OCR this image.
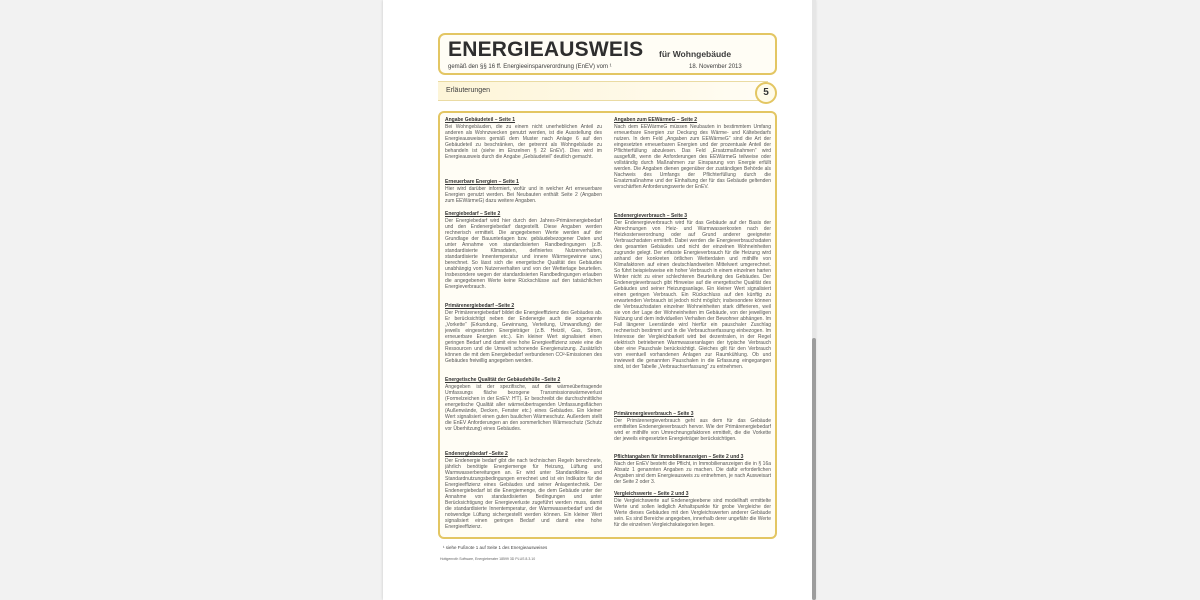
ENERGIEAUSWEIS für Wohngebäude
gemäß den §§ 16 ff. Energieeinsparverordnung (EnEV) vom ¹	18. November 2013
Erläuterungen	5
Angabe Gebäudeteil – Seite 1
Bei Wohngebäuden, die zu einem nicht unerheblichen Anteil zu anderen als Wohnzwecken genutzt werden, ist die Ausstellung des Energieausweises gemäß dem Muster nach Anlage 6 auf den Gebäudeteil zu beschränken, der getrennt als Wohngebäude zu behandeln ist (siehe im Einzelnen § 22 EnEV). Dies wird im Energieausweis durch die Angabe „Gebäudeteil“ deutlich gemacht.
Erneuerbare Energien – Seite 1
Hier wird darüber informiert, wofür und in welcher Art erneuerbare Energien genutzt werden. Bei Neubauten enthält Seite 2 (Angaben zum EEWärmeG) dazu weitere Angaben.
Energiebedarf – Seite 2
Der Energiebedarf wird hier durch den Jahres-Primärenergiebedarf und den Endenergiebedarf dargestellt. Diese Angaben werden rechnerisch ermittelt. Die angegebenen Werte werden auf der Grundlage der Bauunterlagen bzw. gebäudebezogener Daten und unter Annahme von standardisierten Randbedingungen (z.B. standardisierte Klimadaten, definiertes Nutzerverhalten, standardisierte Innentemperatur und innere Wärmegewinne usw.) berechnet. So lässt sich die energetische Qualität des Gebäudes unabhängig vom Nutzerverhalten und von der Wetterlage beurteilen. Insbesondere wegen der standardisierten Randbedingungen erlauben die angegebenen Werte keine Rückschlüsse auf den tatsächlichen Energieverbrauch.
Primärenergiebedarf –Seite 2
Der Primärenergiebedarf bildet die Energieeffizienz des Gebäudes ab. Er berücksichtigt neben der Endenergie auch die sogenannte „Vorkette“ (Erkundung, Gewinnung, Verteilung, Umwandlung) der jeweils eingesetzten Energieträger (z.B. Heizöl, Gas, Strom, erneuerbare Energien etc.). Ein kleiner Wert signalisiert einen geringen Bedarf und damit eine hohe Energieeffizienz sowie eine die Ressourcen und die Umwelt schonende Energienutzung. Zusätzlich können die mit dem Energiebedarf verbundenen CO²-Emissionen des Gebäudes freiwillig angegeben werden.
Energetische Qualität der Gebäudehülle –Seite 2
Angegeben ist der spezifische, auf die wärmeübertragende Umfassungs fläche bezogene Transmissionswärmeverlust (Formelzeichen in der EnEV: H'T). Er beschreibt die durchschnittliche energetische Qualität aller wärmeübertragenden Umfassungsflächen (Außenwände, Decken, Fenster etc.) eines Gebäudes. Ein kleiner Wert signalisiert einen guten baulichen Wärmeschutz. Außerdem stellt die EnEV Anforderungen an den sommerlichen Wärmeschutz (Schutz vor Überhitzung) eines Gebäudes.
Endenergiebedarf –Seite 2
Der Endenergie bedarf gibt die nach technischen Regeln berechnete, jährlich benötigte Energiemenge für Heizung, Lüftung und Warmwasserbereitungen an. Er wird unter Standardklima- und Standardnutzungsbedingungen errechnet und ist ein Indikator für die Energieeffizienz eines Gebäudes und seiner Anlagentechnik. Der Endenergiebedarf ist die Energiemenge, die dem Gebäude unter der Annahme von standardisierten Bedingungen und unter Berücksichtigung der Energieverluste zugeführt werden muss, damit die standardisierte Innentemperatur, der Warmwasserbedarf und die notwendige Lüftung sichergestellt werden können. Ein kleiner Wert signalisiert einen geringen Bedarf und damit eine hohe Energieeffizienz.
Angaben zum EEWärmeG – Seite 2
Nach dem EEWärmeG müssen Neubauten in bestimmtem Umfang erneuerbare Energien zur Deckung des Wärme- und Kältebedarfs nutzen. In dem Feld „Angaben zum EEWärmeG“ sind die Art der eingesetzten erneuerbaren Energien und der prozentuale Anteil der Pflichterfüllung abzulesen. Das Feld „Ersatzmaßnahmen“ wird ausgefüllt, wenn die Anforderungen des EEWärmeG teilweise oder vollständig durch Maßnahmen zur Einsparung von Energie erfüllt werden. Die Angaben dienen gegenüber der zuständigen Behörde als Nachweis des Umfangs der Pflichterfüllung durch die Ersatzmaßnahme und der Einhaltung der für das Gebäude geltenden verschärften Anforderungswerte der EnEV.
Endenergieverbrauch – Seite 3
Der Endenergieverbrauch wird für das Gebäude auf der Basis der Abrechnungen von Heiz- und Warmwasserkosten nach der Heizkostenverordnung oder auf Grund anderer geeigneter Verbrauchsdaten ermittelt. Dabei werden die Energieverbrauchsdaten des gesamten Gebäudes und nicht der einzelnen Wohneinheiten zugrunde gelegt. Der erfasste Energieverbrauch für die Heizung wird anhand der konkreten örtlichen Wetterdaten und mithilfe von Klimafaktoren auf einen deutschlandweiten Mittelwert umgerechnet. So führt beispielsweise ein hoher Verbrauch in einem einzelnen harten Winter nicht zu einer schlechteren Beurteilung des Gebäudes. Der Endenergieverbrauch gibt Hinweise auf die energetische Qualität des Gebäudes und seiner Heizungsanlage. Ein kleiner Wert signalisiert einen geringen Verbrauch. Ein Rückschluss auf den künftig zu erwartenden Verbrauch ist jedoch nicht möglich; insbesondere können die Verbrauchsdaten einzelner Wohneinheiten stark differieren, weil sie von der Lage der Wohneinheiten im Gebäude, von der jeweiligen Nutzung und dem individuellen Verhalten der Bewohner abhängen. Im Fall längerer Leerstände wird hierfür ein pauschaler Zuschlag rechnerisch bestimmt und in die Verbrauchserfassung einbezogen. Im Interesse der Vergleichbarkeit wird bei dezentralen, in der Regel elektrisch betriebenen Warmwasseranlagen der typische Verbrauch über eine Pauschale berücksichtigt. Gleiches gilt für den Verbrauch von eventuell vorhandenen Anlagen zur Raumkühlung. Ob und inwieweit die genannten Pauschalen in die Erfassung eingegangen sind, ist der Tabelle „Verbrauchserfassung“ zu entnehmen.
Primärenergieverbrauch – Seite 3
Der Primärenergieverbrauch geht aus dem für das Gebäude ermittelten Endenergieverbrauch hervor. Wie der Primärenergiebedarf wird er mithilfe von Umrechnungsfaktoren ermittelt, die die Vorkette der jeweils eingesetzten Energieträger berücksichtigen.
Pflichtangaben für Immobilienanzeigen – Seite 2 und 3
Nach der EnEV besteht die Pflicht, in Immobilienanzeigen die in § 16a Absatz 1 genannten Angaben zu machen. Die dafür erforderlichen Angaben sind dem Energieausweis zu entnehmen, je nach Ausweisart der Seite 2 oder 3.
Vergleichswerte – Seite 2 und 3
Die Vergleichswerte auf Endenergieebene sind modellhaft ermittelte Werte und sollen lediglich Anhaltspunkte für grobe Vergleiche der Werte dieses Gebäudes mit den Vergleichswerten anderer Gebäude sein. Es sind Bereiche angegeben, innerhalb derer ungefähr die Werte für die einzelnen Vergleichskategorien liegen.
¹ siehe Fußnote 1 auf Seite 1 des Energieausweises
Hottgenroth Software, Energieberater 18599 3D PLUS 8.3.10
